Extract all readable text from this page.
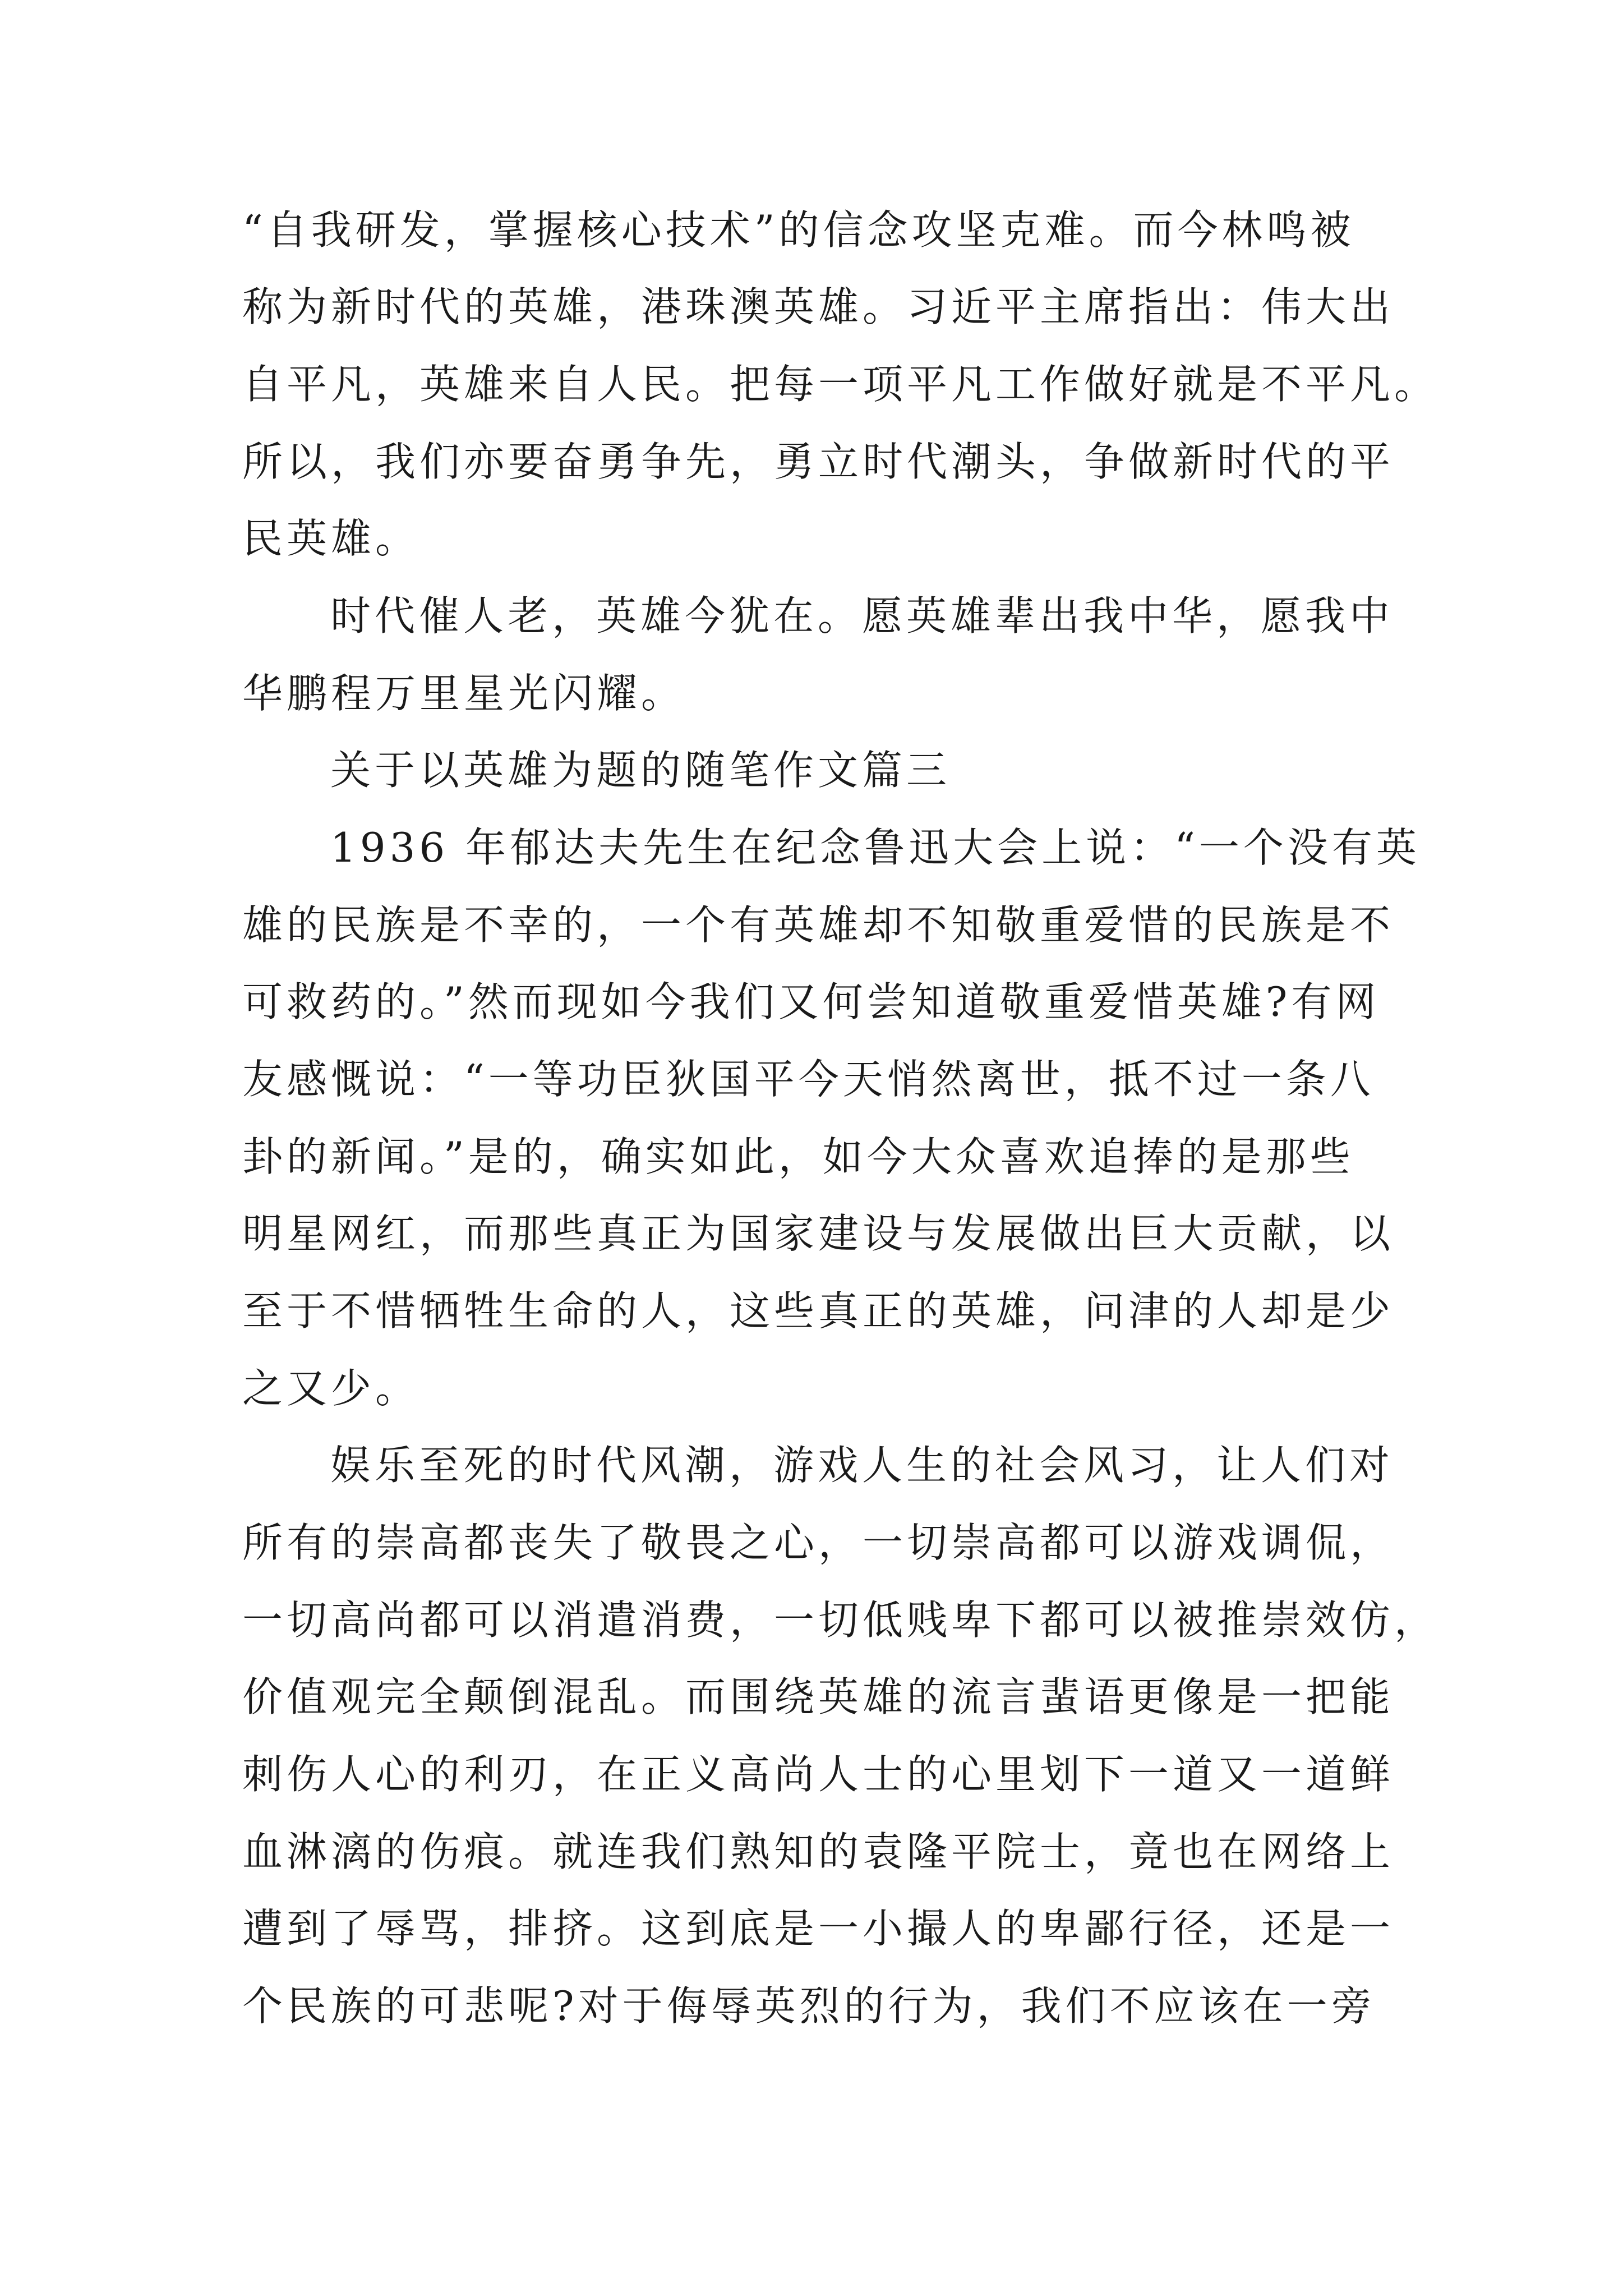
“自我研发，掌握核心技术”的信念攻坚克难。而今林鸣被
称为新时代的英雄，港珠澳英雄。习近平主席指出：伟大出
自平凡，英雄来自人民。把每一项平凡工作做好就是不平凡。
所以，我们亦要奋勇争先，勇立时代潮头，争做新时代的平
民英雄。
时代催人老，英雄今犹在。愿英雄辈出我中华，愿我中
华鹏程万里星光闪耀。
关于以英雄为题的随笔作文篇三
1936 年郁达夫先生在纪念鲁迅大会上说：“一个没有英
雄的民族是不幸的，一个有英雄却不知敬重爱惜的民族是不
可救药的。”然而现如今我们又何尝知道敬重爱惜英雄?有网
友感慨说：“一等功臣狄国平今天悄然离世，抵不过一条八
卦的新闻。”是的，确实如此，如今大众喜欢追捧的是那些
明星网红，而那些真正为国家建设与发展做出巨大贡献，以
至于不惜牺牲生命的人，这些真正的英雄，问津的人却是少
之又少。
娱乐至死的时代风潮，游戏人生的社会风习，让人们对
所有的崇高都丧失了敬畏之心，一切崇高都可以游戏调侃，
一切高尚都可以消遣消费，一切低贱卑下都可以被推崇效仿，
价值观完全颠倒混乱。而围绕英雄的流言蜚语更像是一把能
刺伤人心的利刃，在正义高尚人士的心里划下一道又一道鲜
血淋漓的伤痕。就连我们熟知的袁隆平院士，竟也在网络上
遭到了辱骂，排挤。这到底是一小撮人的卑鄙行径，还是一
个民族的可悲呢?对于侮辱英烈的行为，我们不应该在一旁
